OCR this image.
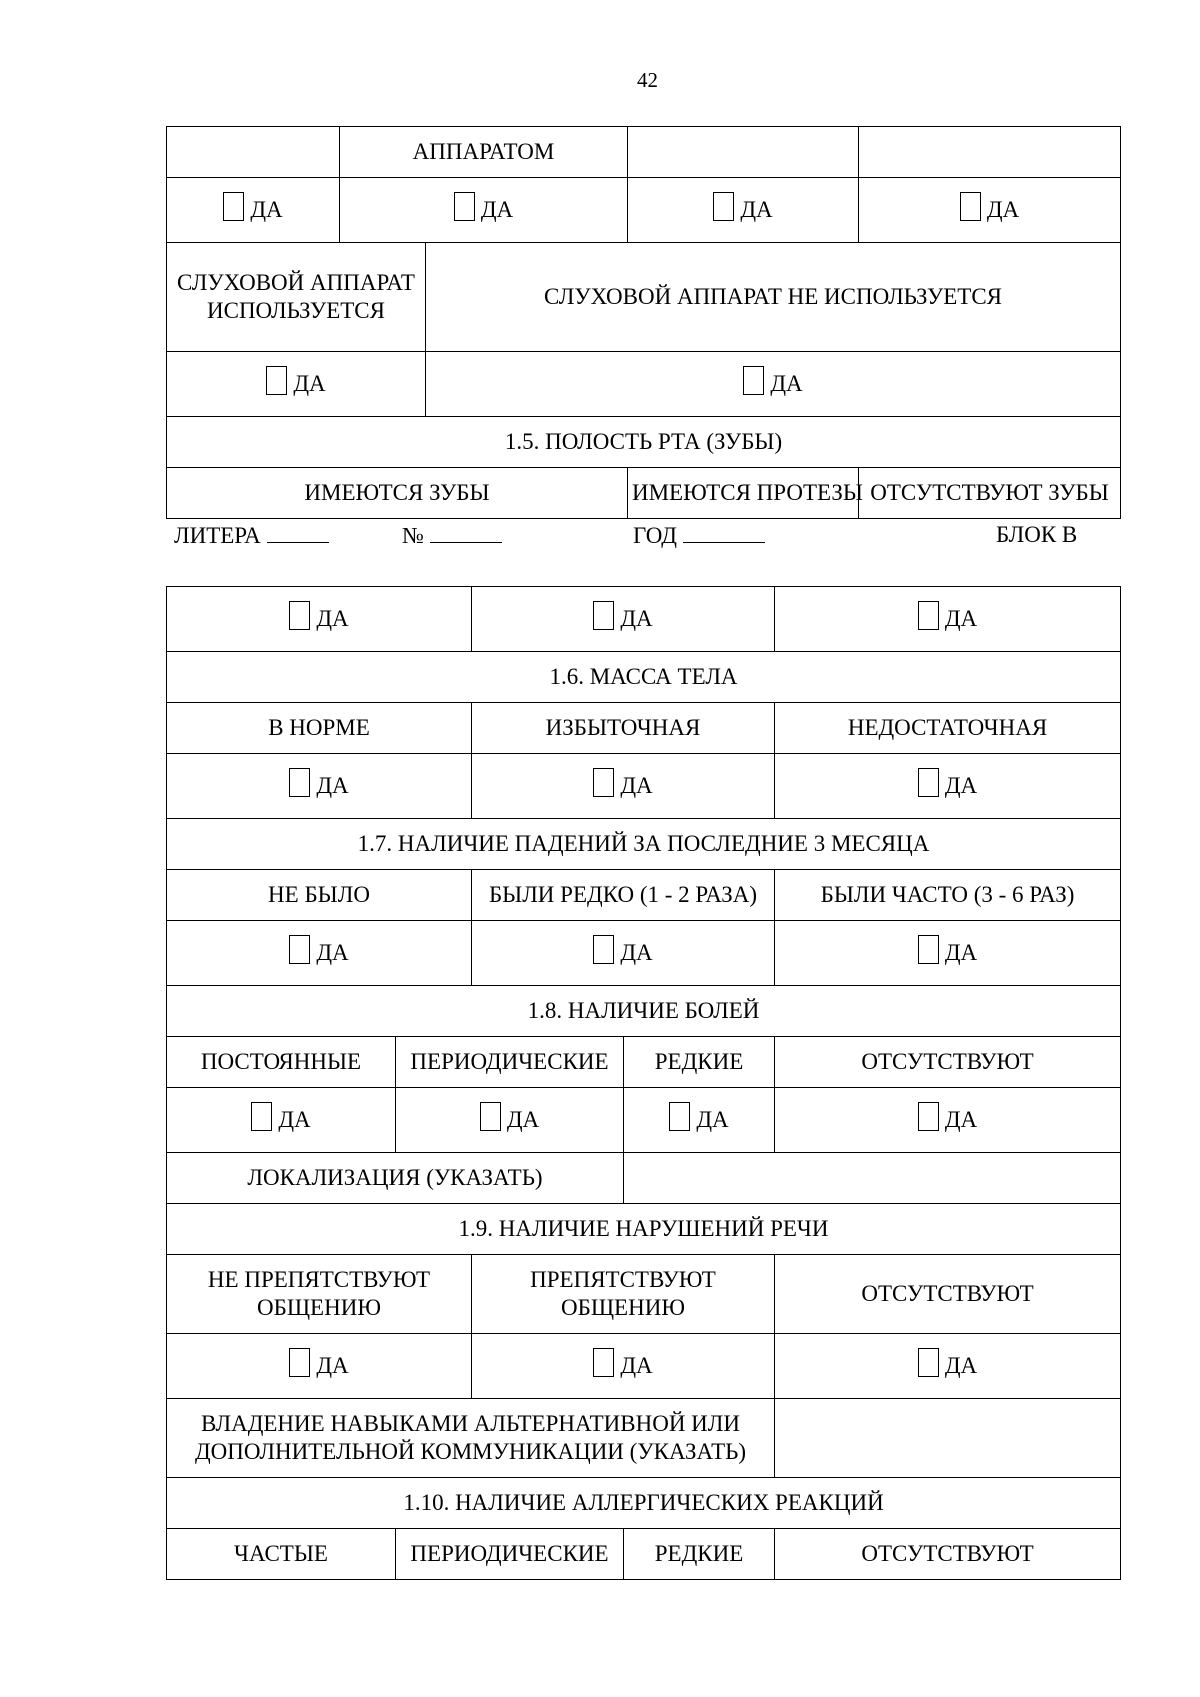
42
	АППАРАТОМ			

ДА	ДА		ДА	ДА

СЛУХОВОЙ АППАРАТ ИСПОЛЬЗУЕТСЯ		СЛУХОВОЙ АППАРАТ НЕ ИСПОЛЬЗУЕТСЯ		

ДА		ДА		

1.5. ПОЛОСТЬ РТА (ЗУБЫ)				
ИМЕЮТСЯ ЗУБЫ			ИМЕЮТСЯ ПРОТЕЗЫ	ОТСУТСТВУЮТ ЗУБЫ
ЛИТЕРА	№	ГОД	БЛОК В
ДА		ДА		ДА

1.6. МАССА ТЕЛА				
В НОРМЕ		ИЗБЫТОЧНАЯ		НЕДОСТАТОЧНАЯ

ДА		ДА		ДА

1.7. НАЛИЧИЕ ПАДЕНИЙ ЗА ПОСЛЕДНИЕ 3 МЕСЯЦА				
НЕ БЫЛО		БЫЛИ РЕДКО (1 - 2 РАЗА)		БЫЛИ ЧАСТО (3 - 6 РАЗ)

ДА		ДА		ДА

1.8. НАЛИЧИЕ БОЛЕЙ				
ПОСТОЯННЫЕ	ПЕРИОДИЧЕСКИЕ		РЕДКИЕ	ОТСУТСТВУЮТ

ДА	ДА		ДА	ДА

ЛОКАЛИЗАЦИЯ (УКАЗАТЬ)				
1.9. НАЛИЧИЕ НАРУШЕНИЙ РЕЧИ				
НЕ ПРЕПЯТСТВУЮТ ОБЩЕНИЮ		ПРЕПЯТСТВУЮТ ОБЩЕНИЮ		ОТСУТСТВУЮТ

ДА		ДА		ДА

ВЛАДЕНИЕ НАВЫКАМИ АЛЬТЕРНАТИВНОЙ ИЛИ ДОПОЛНИТЕЛЬНОЙ КОММУНИКАЦИИ (УКАЗАТЬ)				
1.10. НАЛИЧИЕ АЛЛЕРГИЧЕСКИХ РЕАКЦИЙ				
ЧАСТЫЕ	ПЕРИОДИЧЕСКИЕ		РЕДКИЕ	ОТСУТСТВУЮТ
